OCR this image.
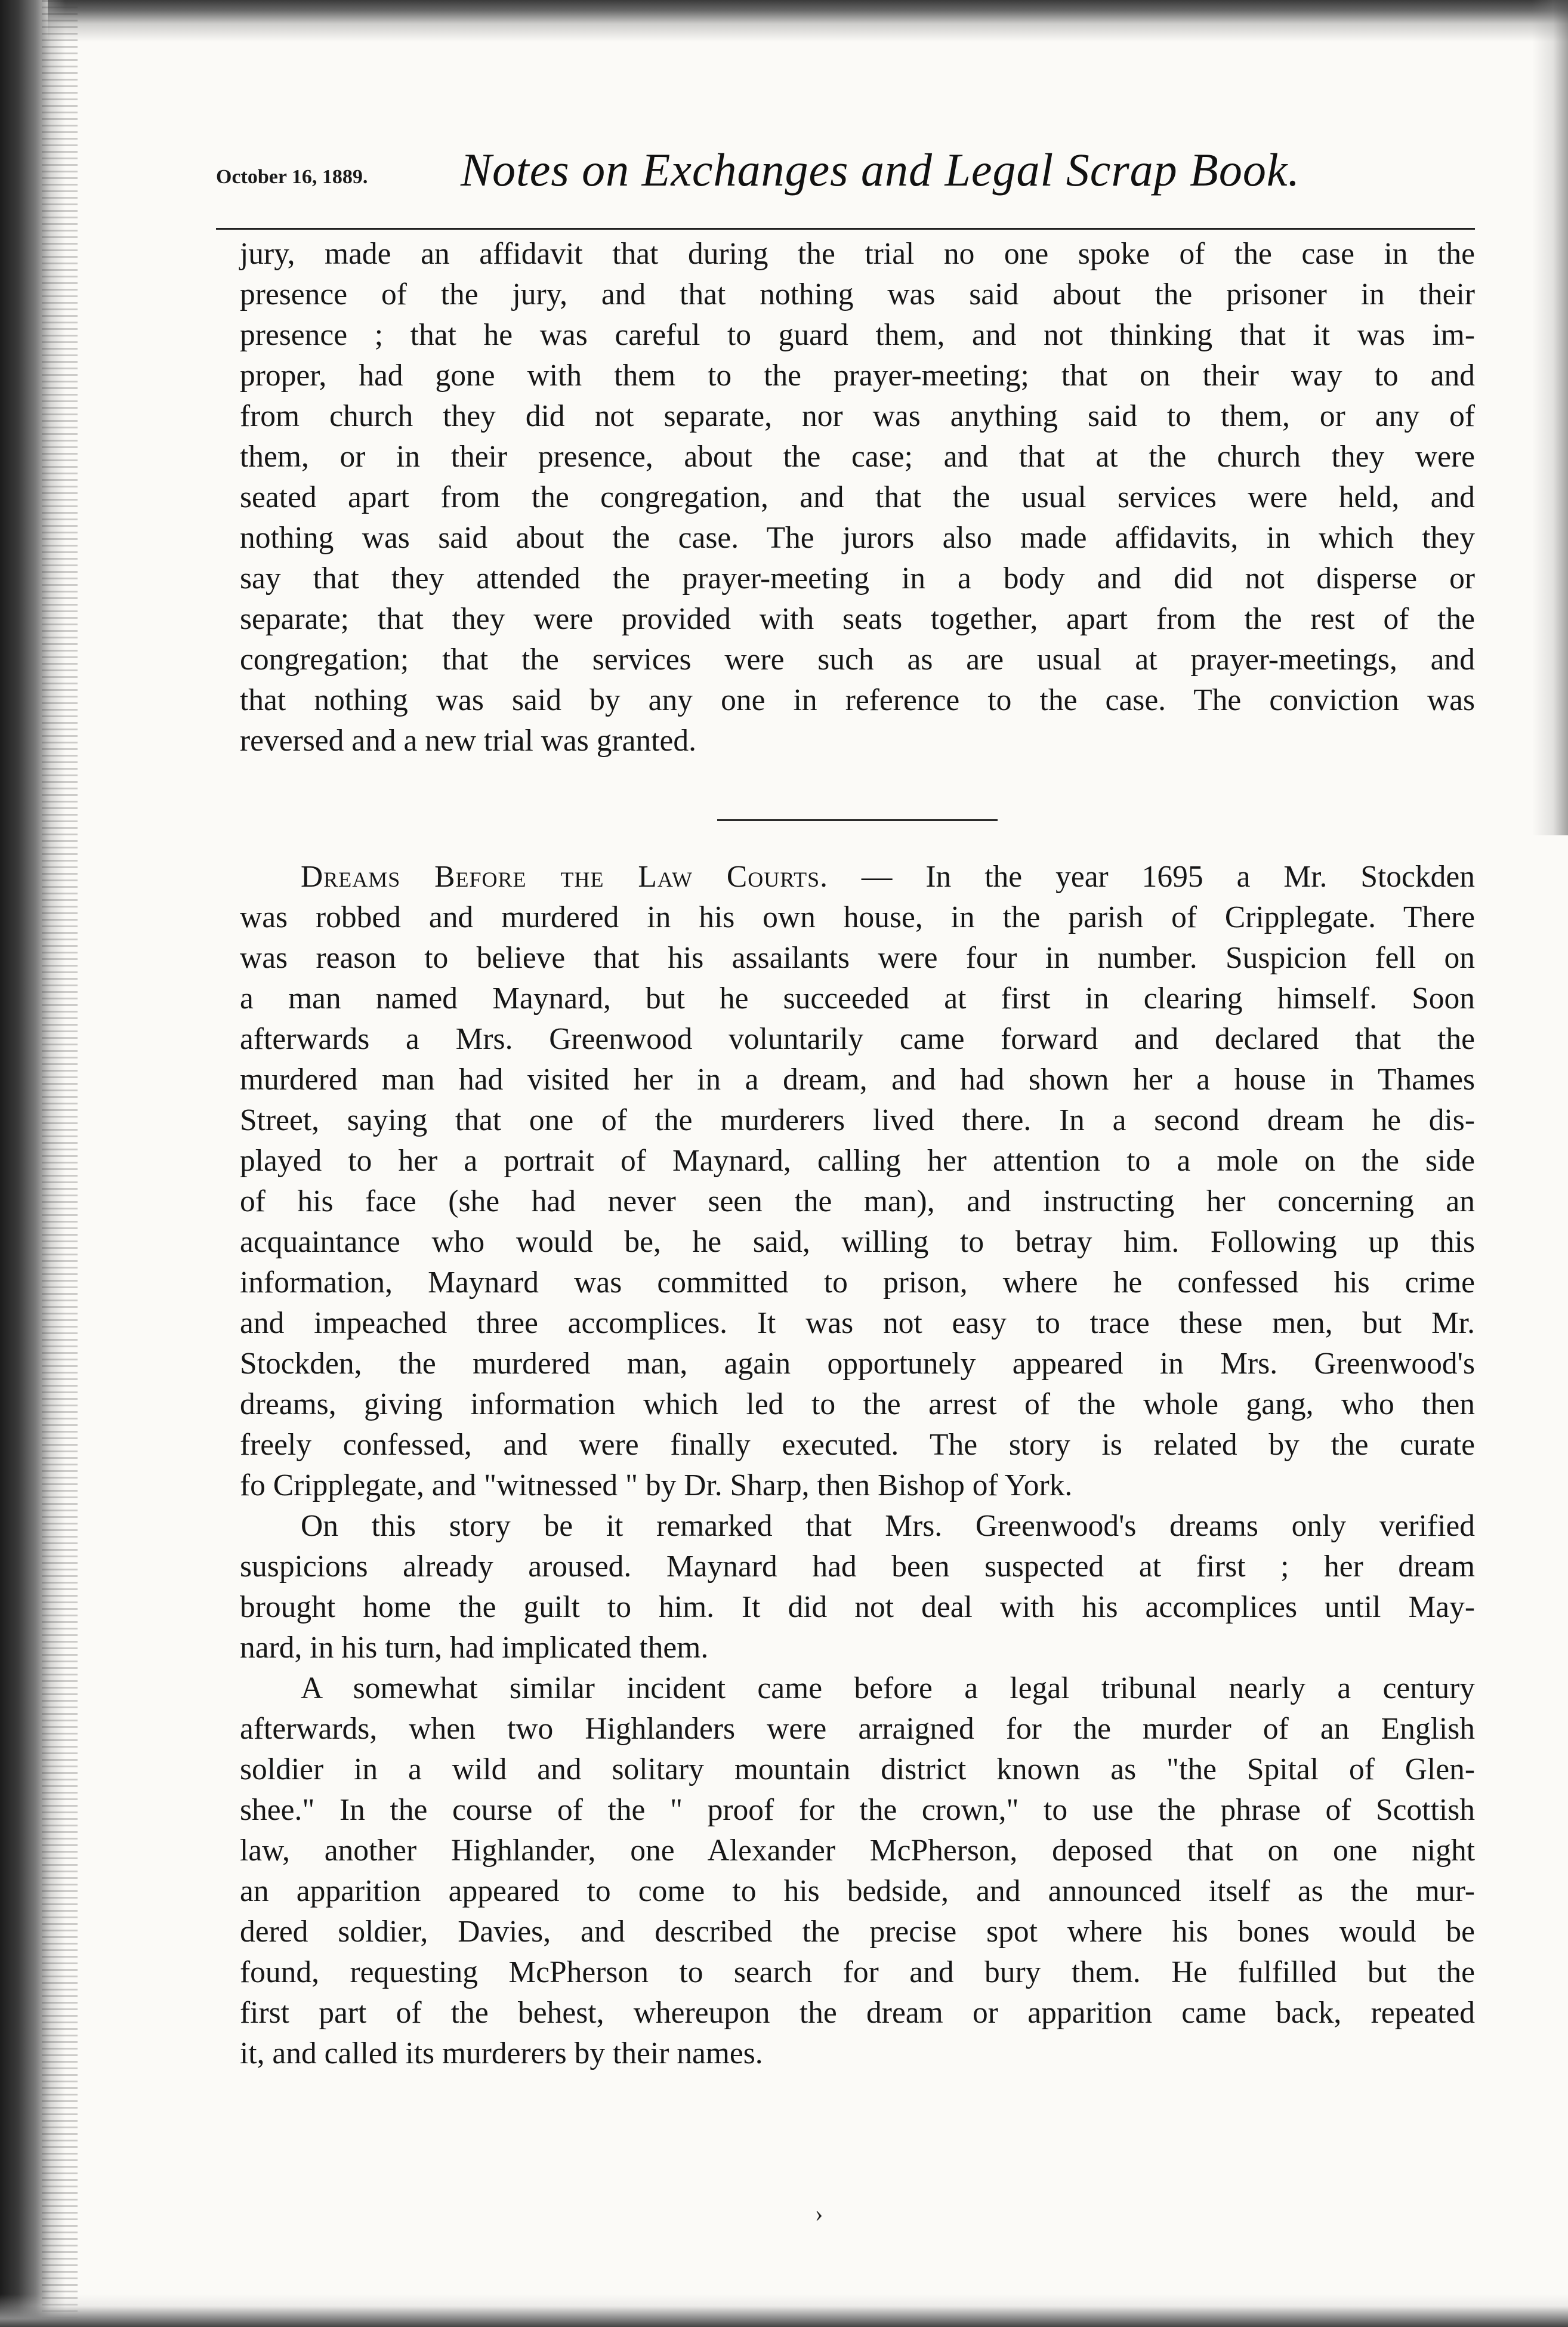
October 16, 1889. Notes on Exchanges and Legal Scrap Book.
jury, made an affidavit that during the trial no one spoke of the case in the
presence of the jury, and that nothing was said about the prisoner in their
presence ; that he was careful to guard them, and not thinking that it was im-
proper, had gone with them to the prayer-meeting; that on their way to and
from church they did not separate, nor was anything said to them, or any of
them, or in their presence, about the case; and that at the church they were
seated apart from the congregation, and that the usual services were held, and
nothing was said about the case. The jurors also made affidavits, in which they
say that they attended the prayer-meeting in a body and did not disperse or
separate; that they were provided with seats together, apart from the rest of the
congregation; that the services were such as are usual at prayer-meetings, and
that nothing was said by any one in reference to the case. The conviction was
reversed and a new trial was granted.
Dreams Before the Law Courts. — In the year 1695 a Mr. Stockden
was robbed and murdered in his own house, in the parish of Cripplegate. There
was reason to believe that his assailants were four in number. Suspicion fell on
a man named Maynard, but he succeeded at first in clearing himself. Soon
afterwards a Mrs. Greenwood voluntarily came forward and declared that the
murdered man had visited her in a dream, and had shown her a house in Thames
Street, saying that one of the murderers lived there. In a second dream he dis-
played to her a portrait of Maynard, calling her attention to a mole on the side
of his face (she had never seen the man), and instructing her concerning an
acquaintance who would be, he said, willing to betray him. Following up this
information, Maynard was committed to prison, where he confessed his crime
and impeached three accomplices. It was not easy to trace these men, but Mr.
Stockden, the murdered man, again opportunely appeared in Mrs. Greenwood's
dreams, giving information which led to the arrest of the whole gang, who then
freely confessed, and were finally executed. The story is related by the curate
fo Cripplegate, and "witnessed " by Dr. Sharp, then Bishop of York.
On this story be it remarked that Mrs. Greenwood's dreams only verified
suspicions already aroused. Maynard had been suspected at first ; her dream
brought home the guilt to him. It did not deal with his accomplices until May-
nard, in his turn, had implicated them.
A somewhat similar incident came before a legal tribunal nearly a century
afterwards, when two Highlanders were arraigned for the murder of an English
soldier in a wild and solitary mountain district known as "the Spital of Glen-
shee." In the course of the " proof for the crown," to use the phrase of Scottish
law, another Highlander, one Alexander McPherson, deposed that on one night
an apparition appeared to come to his bedside, and announced itself as the mur-
dered soldier, Davies, and described the precise spot where his bones would be
found, requesting McPherson to search for and bury them. He fulfilled but the
first part of the behest, whereupon the dream or apparition came back, repeated
it, and called its murderers by their names.
›
